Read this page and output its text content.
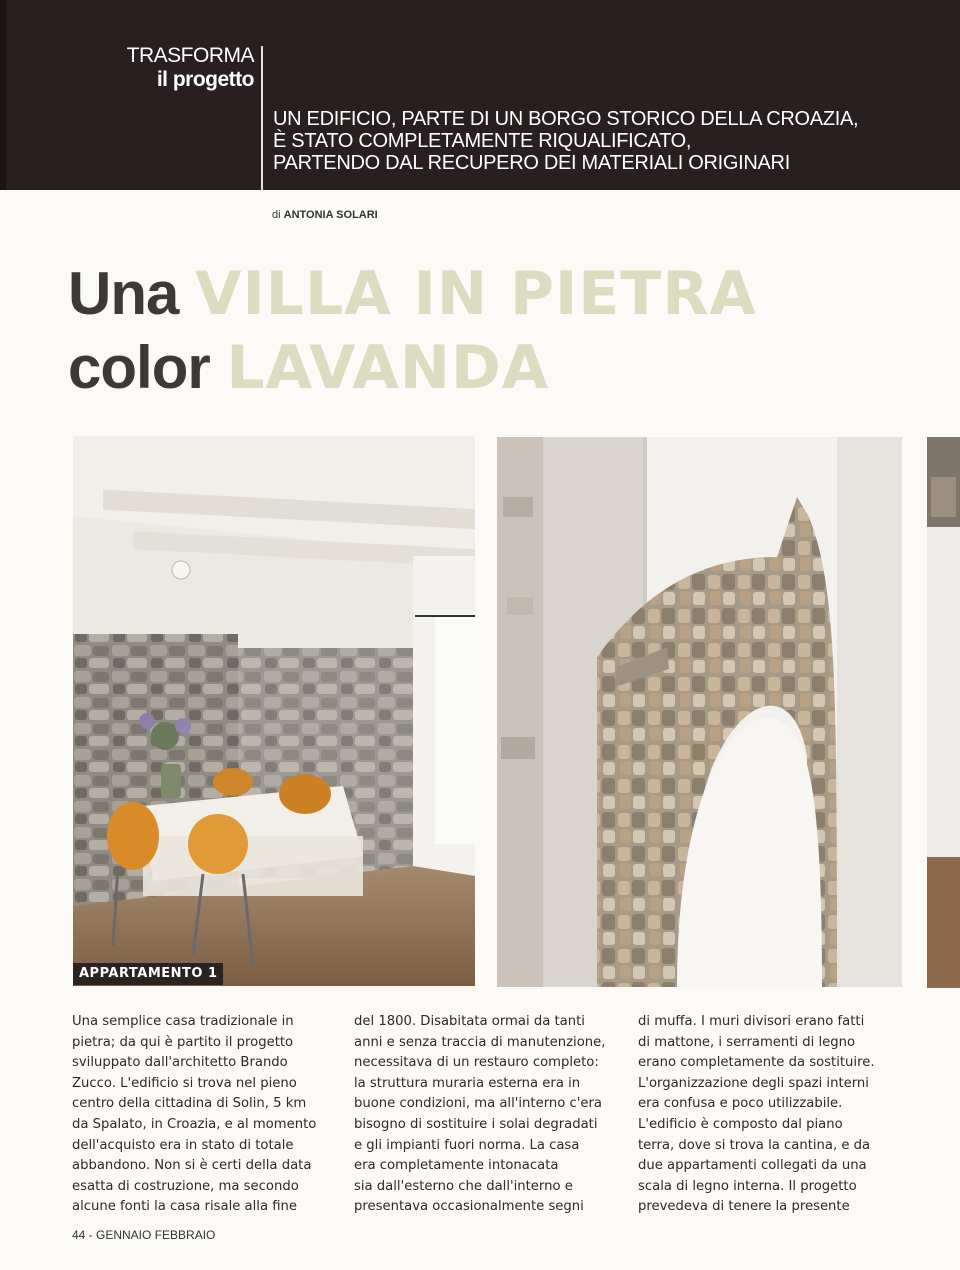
TRASFORMA
il progetto
UN EDIFICIO, PARTE DI UN BORGO STORICO DELLA CROAZIA,
È STATO COMPLETAMENTE RIQUALIFICATO,
PARTENDO DAL RECUPERO DEI MATERIALI ORIGINARI
di ANTONIA SOLARI
Una VILLA IN PIETRA
color LAVANDA
APPARTAMENTO 1
Una semplice casa tradizionale in
pietra; da qui è partito il progetto
sviluppato dall'architetto Brando
Zucco. L'edificio si trova nel pieno
centro della cittadina di Solin, 5 km
da Spalato, in Croazia, e al momento
dell'acquisto era in stato di totale
abbandono. Non si è certi della data
esatta di costruzione, ma secondo
alcune fonti la casa risale alla fine
del 1800. Disabitata ormai da tanti
anni e senza traccia di manutenzione,
necessitava di un restauro completo:
la struttura muraria esterna era in
buone condizioni, ma all'interno c'era
bisogno di sostituire i solai degradati
e gli impianti fuori norma. La casa
era completamente intonacata
sia dall'esterno che dall'interno e
presentava occasionalmente segni
di muffa. I muri divisori erano fatti
di mattone, i serramenti di legno
erano completamente da sostituire.
L'organizzazione degli spazi interni
era confusa e poco utilizzabile.
L'edificio è composto dal piano
terra, dove si trova la cantina, e da
due appartamenti collegati da una
scala di legno interna. Il progetto
prevedeva di tenere la presente
44 - GENNAIO FEBBRAIO
